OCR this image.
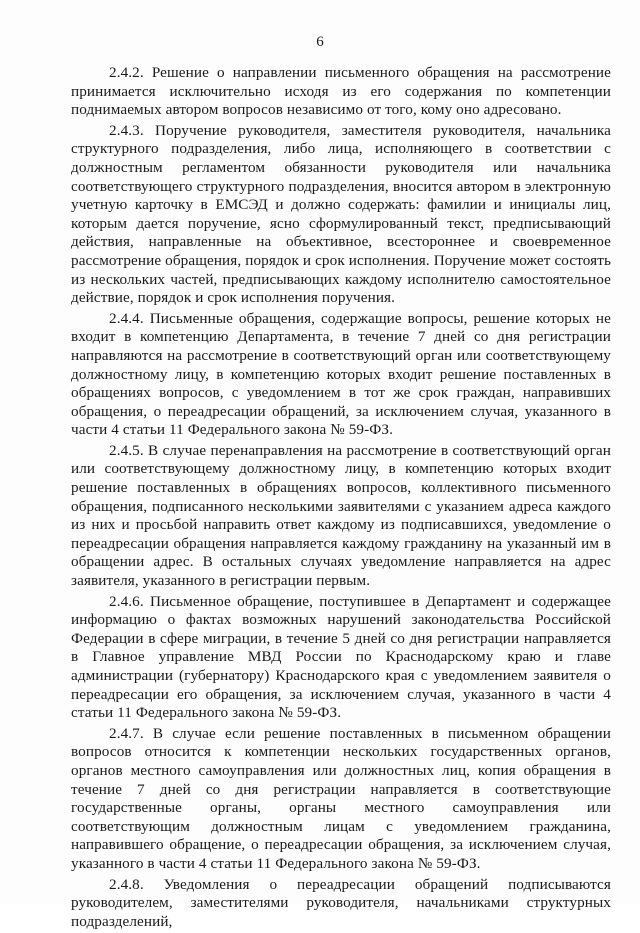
6

2.4.2. Решение о направлении письменного обращения на рассмотрение принимается исключительно исходя из его содержания по компетенции поднимаемых автором вопросов независимо от того, кому оно адресовано.

2.4.3. Поручение руководителя, заместителя руководителя, начальника структурного подразделения, либо лица, исполняющего в соответствии с должностным регламентом обязанности руководителя или начальника соответствующего структурного подразделения, вносится автором в электронную учетную карточку в ЕМСЭД и должно содержать: фамилии и инициалы лиц, которым дается поручение, ясно сформулированный текст, предписывающий действия, направленные на объективное, всестороннее и своевременное рассмотрение обращения, порядок и срок исполнения. Поручение может состоять из нескольких частей, предписывающих каждому исполнителю самостоятельное действие, порядок и срок исполнения поручения.

2.4.4. Письменные обращения, содержащие вопросы, решение которых не входит в компетенцию Департамента, в течение 7 дней со дня регистрации направляются на рассмотрение в соответствующий орган или соответствующему должностному лицу, в компетенцию которых входит решение поставленных в обращениях вопросов, с уведомлением в тот же срок граждан, направивших обращения, о переадресации обращений, за исключением случая, указанного в части 4 статьи 11 Федерального закона № 59-ФЗ.

2.4.5. В случае перенаправления на рассмотрение в соответствующий орган или соответствующему должностному лицу, в компетенцию которых входит решение поставленных в обращениях вопросов, коллективного письменного обращения, подписанного несколькими заявителями с указанием адреса каждого из них и просьбой направить ответ каждому из подписавшихся, уведомление о переадресации обращения направляется каждому гражданину на указанный им в обращении адрес. В остальных случаях уведомление направляется на адрес заявителя, указанного в регистрации первым.

2.4.6. Письменное обращение, поступившее в Департамент и содержащее информацию о фактах возможных нарушений законодательства Российской Федерации в сфере миграции, в течение 5 дней со дня регистрации направляется в Главное управление МВД России по Краснодарскому краю и главе администрации (губернатору) Краснодарского края с уведомлением заявителя о переадресации его обращения, за исключением случая, указанного в части 4 статьи 11 Федерального закона № 59-ФЗ.

2.4.7. В случае если решение поставленных в письменном обращении вопросов относится к компетенции нескольких государственных органов, органов местного самоуправления или должностных лиц, копия обращения в течение 7 дней со дня регистрации направляется в соответствующие государственные органы, органы местного самоуправления или соответствующим должностным лицам с уведомлением гражданина, направившего обращение, о переадресации обращения, за исключением случая, указанного в части 4 статьи 11 Федерального закона № 59-ФЗ.

2.4.8. Уведомления о переадресации обращений подписываются руководителем, заместителями руководителя, начальниками структурных подразделений,
